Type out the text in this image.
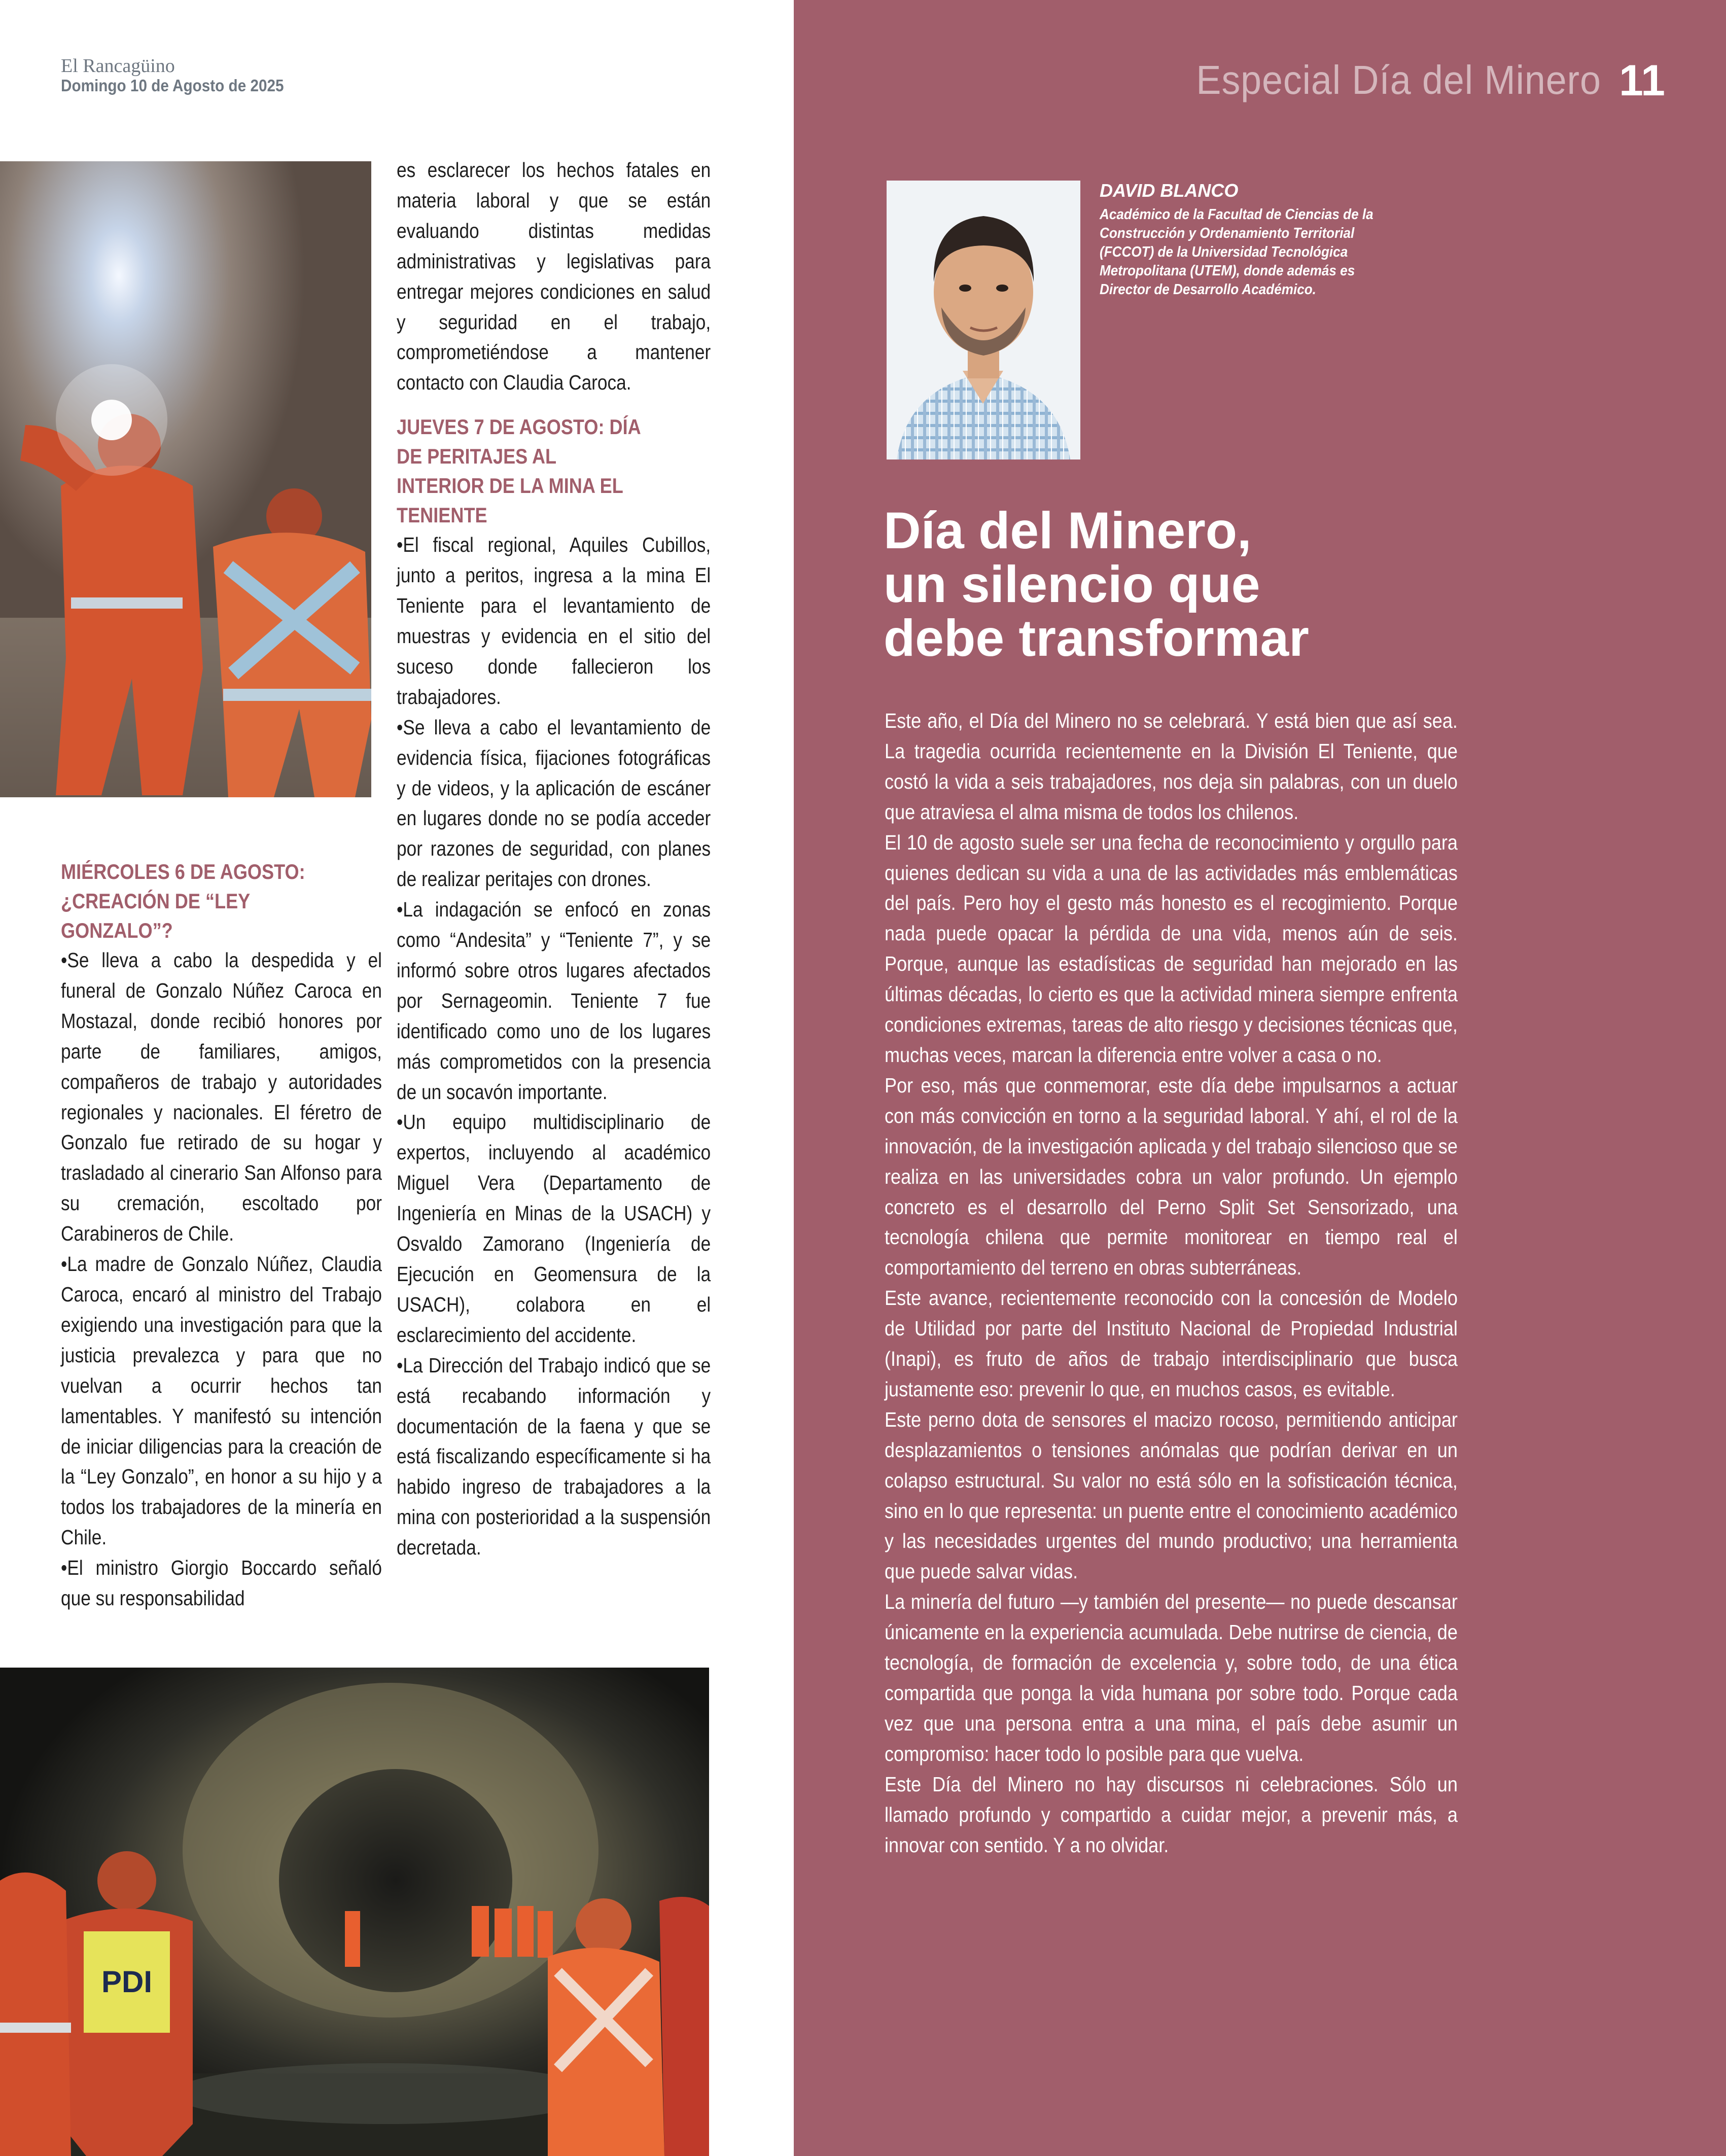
El Rancagüino
Domingo 10 de Agosto de 2025
PDI
MIÉRCOLES 6 DE AGOSTO: ¿CREACIÓN DE “LEY GONZALO”?

•Se lleva a cabo la despedida y el funeral de Gonzalo Núñez Caroca en Mostazal, donde recibió honores por parte de familiares, amigos, compañeros de trabajo y autoridades regionales y nacionales. El féretro de Gonzalo fue retirado de su hogar y trasladado al cinerario San Alfonso para su cremación, escoltado por Carabineros de Chile.

•La madre de Gonzalo Núñez, Claudia Caroca, encaró al ministro del Trabajo exigiendo una investigación para que la justicia prevalezca y para que no vuelvan a ocurrir hechos tan lamentables. Y manifestó su intención de iniciar diligencias para la creación de la “Ley Gonzalo”, en honor a su hijo y a todos los trabajadores de la minería en Chile.

•El ministro Giorgio Boccardo señaló que su responsabilidad

es esclarecer los hechos fatales en materia laboral y que se están evaluando distintas medidas administrativas y legislativas para entregar mejores condiciones en salud y seguridad en el trabajo, comprometiéndose a mantener contacto con Claudia Caroca.

JUEVES 7 DE AGOSTO: DÍA DE PERITAJES AL INTERIOR DE LA MINA EL TENIENTE

•El fiscal regional, Aquiles Cubillos, junto a peritos, ingresa a la mina El Teniente para el levantamiento de muestras y evidencia en el sitio del suceso donde fallecieron los trabajadores.

•Se lleva a cabo el levantamiento de evidencia física, fijaciones fotográficas y de videos, y la aplicación de escáner en lugares donde no se podía acceder por razones de seguridad, con planes de realizar peritajes con drones.

•La indagación se enfocó en zonas como “Andesita” y “Teniente 7”, y se informó sobre otros lugares afectados por Sernageomin. Teniente 7 fue identificado como uno de los lugares más comprometidos con la presencia de un socavón importante.

•Un equipo multidisciplinario de expertos, incluyendo al académico Miguel Vera (Departamento de Ingeniería en Minas de la USACH) y Osvaldo Zamorano (Ingeniería de Ejecución en Geomensura de la USACH), colabora en el esclarecimiento del accidente.

•La Dirección del Trabajo indicó que se está recabando información y documentación de la faena y que se está fiscalizando específicamente si ha habido ingreso de trabajadores a la mina con posterioridad a la suspensión decretada.

Especial Día del Minero 11
DAVID BLANCO
Académico de la Facultad de Ciencias de la Construcción y Ordenamiento Territorial (FCCOT) de la Universidad Tecnológica Metropolitana (UTEM), donde además es Director de Desarrollo Académico.
Día del Minero,
un silencio que
debe transformar

Este año, el Día del Minero no se celebrará. Y está bien que así sea. La tragedia ocurrida recientemente en la División El Teniente, que costó la vida a seis trabajadores, nos deja sin palabras, con un duelo que atraviesa el alma misma de todos los chilenos.

El 10 de agosto suele ser una fecha de reconocimiento y orgullo para quienes dedican su vida a una de las actividades más emblemáticas del país. Pero hoy el gesto más honesto es el recogimiento. Porque nada puede opacar la pérdida de una vida, menos aún de seis. Porque, aunque las estadísticas de seguridad han mejorado en las últimas décadas, lo cierto es que la actividad minera siempre enfrenta condiciones extremas, tareas de alto riesgo y decisiones técnicas que, muchas veces, marcan la diferencia entre volver a casa o no.

Por eso, más que conmemorar, este día debe impulsarnos a actuar con más convicción en torno a la seguridad laboral. Y ahí, el rol de la innovación, de la investigación aplicada y del trabajo silencioso que se realiza en las universidades cobra un valor profundo. Un ejemplo concreto es el desarrollo del Perno Split Set Sensorizado, una tecnología chilena que permite monitorear en tiempo real el comportamiento del terreno en obras subterráneas.

Este avance, recientemente reconocido con la concesión de Modelo de Utilidad por parte del Instituto Nacional de Propiedad Industrial (Inapi), es fruto de años de trabajo interdisciplinario que busca justamente eso: prevenir lo que, en muchos casos, es evitable.

Este perno dota de sensores el macizo rocoso, permitiendo anticipar desplazamientos o tensiones anómalas que podrían derivar en un colapso estructural. Su valor no está sólo en la sofisticación técnica, sino en lo que representa: un puente entre el conocimiento académico y las necesidades urgentes del mundo productivo; una herramienta que puede salvar vidas.

La minería del futuro —y también del presente— no puede descansar únicamente en la experiencia acumulada. Debe nutrirse de ciencia, de tecnología, de formación de excelencia y, sobre todo, de una ética compartida que ponga la vida humana por sobre todo. Porque cada vez que una persona entra a una mina, el país debe asumir un compromiso: hacer todo lo posible para que vuelva.

Este Día del Minero no hay discursos ni celebraciones. Sólo un llamado profundo y compartido a cuidar mejor, a prevenir más, a innovar con sentido. Y a no olvidar.
